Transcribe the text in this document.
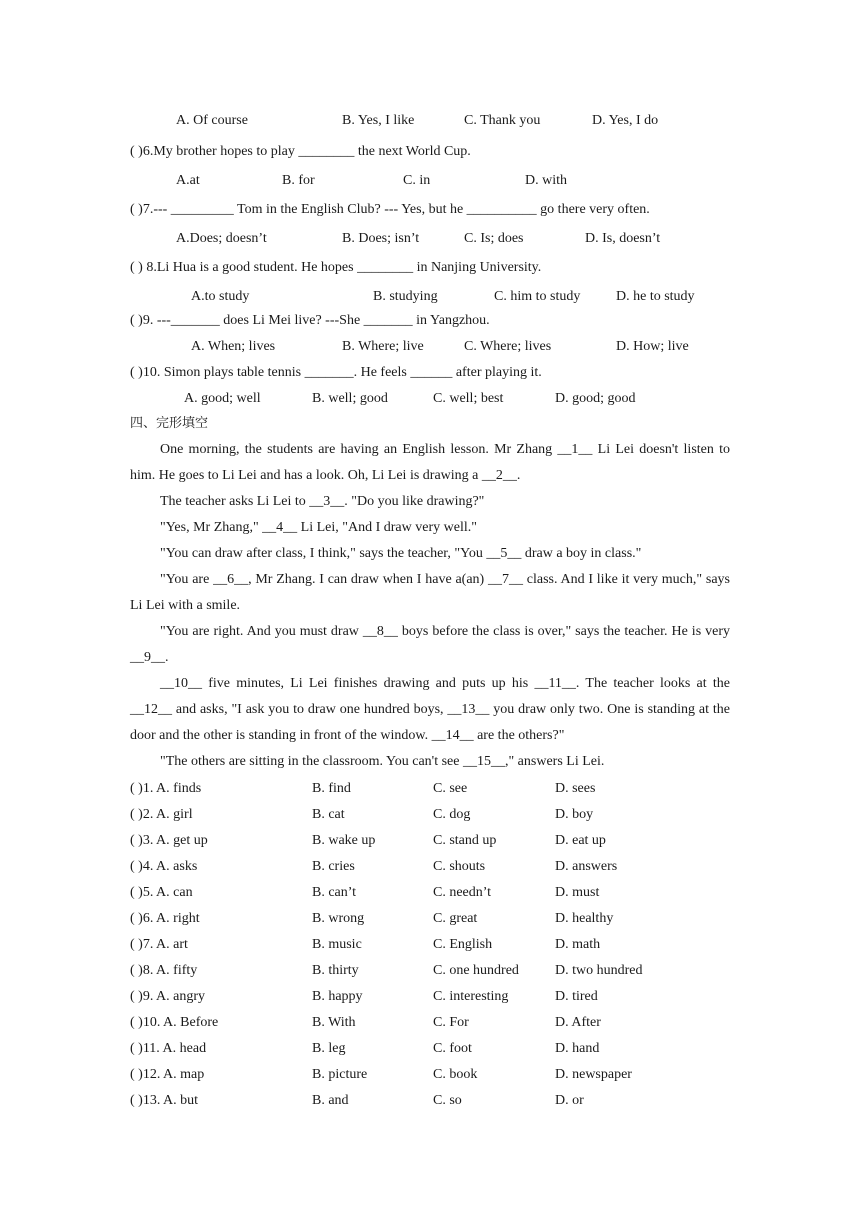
A. Of course	B. Yes, I like	C. Thank you	D. Yes, I do
( )6.My brother hopes to play ________ the next World Cup.
A.at	B. for	C. in	D. with
( )7.--- _________ Tom in the English Club? --- Yes, but he __________ go there very often.
A.Does; doesn’t	B. Does; isn’t	C. Is; does	D. Is, doesn’t
( ) 8.Li Hua is a good student. He hopes ________ in Nanjing University.
A.to study	B. studying	C. him to study	D. he to study
( )9. ---_______ does Li Mei live? ---She _______ in Yangzhou.
A. When; lives	B. Where; live	C. Where; lives	D. How; live
( )10. Simon plays table tennis _______. He feels ______ after playing it.
A. good; well	B. well; good	C. well; best	D. good; good
四、完形填空
One morning, the students are having an English lesson. Mr Zhang __1__ Li Lei doesn't listen to him. He goes to Li Lei and has a look. Oh, Li Lei is drawing a __2__.
The teacher asks Li Lei to __3__. "Do you like drawing?"
"Yes, Mr Zhang," __4__ Li Lei, "And I draw very well."
"You can draw after class, I think," says the teacher, "You __5__ draw a boy in class."
"You are __6__, Mr Zhang. I can draw when I have a(an) __7__ class. And I like it very much," says Li Lei with a smile.
"You are right. And you must draw __8__ boys before the class is over," says the teacher. He is very __9__.
__10__ five minutes, Li Lei finishes drawing and puts up his __11__. The teacher looks at the __12__ and asks, "I ask you to draw one hundred boys, __13__ you draw only two. One is standing at the door and the other is standing in front of the window. __14__ are the others?"
"The others are sitting in the classroom. You can't see __15__," answers Li Lei.
( )1. A. finds	B. find	C. see	D. sees
( )2. A. girl	B. cat	C. dog	D. boy
( )3. A. get up	B. wake up	C. stand up	D. eat up
( )4. A. asks	B. cries	C. shouts	D. answers
( )5. A. can	B. can’t	C. needn’t	D. must
( )6. A. right	B. wrong	C. great	D. healthy
( )7. A. art	B. music	C. English	D. math
( )8. A. fifty	B. thirty	C. one hundred	D. two hundred
( )9. A. angry	B. happy	C. interesting	D. tired
( )10. A. Before	B. With	C. For	D. After
( )11. A. head	B. leg	C. foot	D. hand
( )12. A. map	B. picture	C. book	D. newspaper
( )13. A. but	B. and	C. so	D. or
